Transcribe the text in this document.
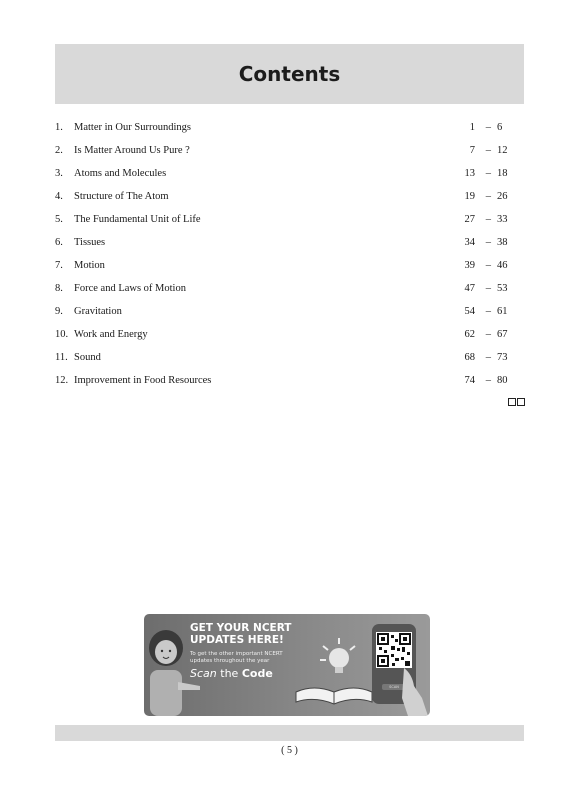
Contents
1. Matter in Our Surroundings	1 – 6
2. Is Matter Around Us Pure ?	7 – 12
3. Atoms and Molecules	13 – 18
4. Structure of The Atom	19 – 26
5. The Fundamental Unit of Life	27 – 33
6. Tissues	34 – 38
7. Motion	39 – 46
8. Force and Laws of Motion	47 – 53
9. Gravitation	54 – 61
10. Work and Energy	62 – 67
11. Sound	68 – 73
12. Improvement in Food Resources	74 – 80
GET YOUR NCERT
UPDATES HERE!
To get the other important NCERT
updates throughout the year
Scan the Code
SCAN
( 5 )
